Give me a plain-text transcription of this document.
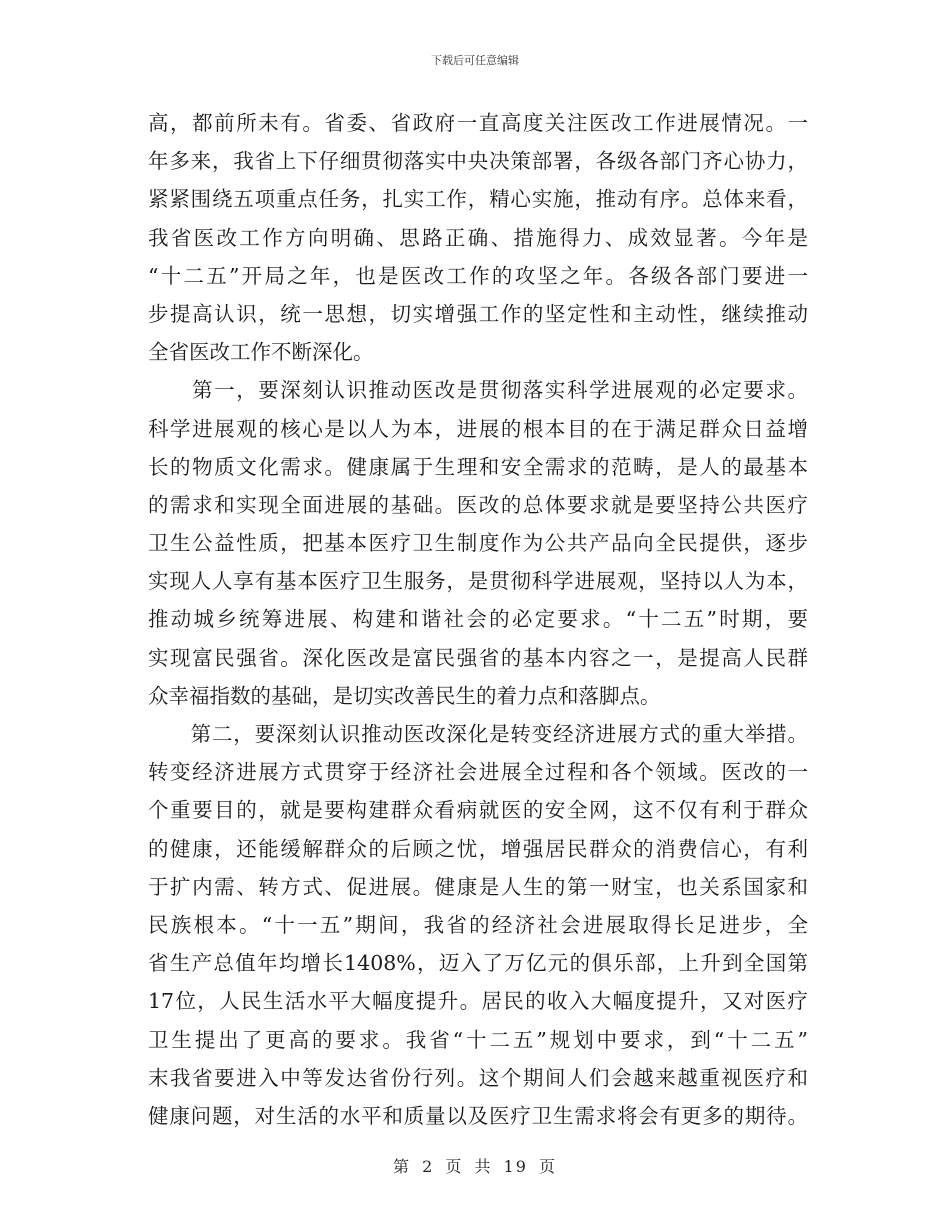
下载后可任意编辑
高，都前所未有。省委、省政府一直高度关注医改工作进展情况。一
年多来，我省上下仔细贯彻落实中央决策部署，各级各部门齐心协力，
紧紧围绕五项重点任务，扎实工作，精心实施，推动有序。总体来看，
我省医改工作方向明确、思路正确、措施得力、成效显著。今年是
“十二五”开局之年，也是医改工作的攻坚之年。各级各部门要进一
步提高认识，统一思想，切实增强工作的坚定性和主动性，继续推动
全省医改工作不断深化。
　　第一，要深刻认识推动医改是贯彻落实科学进展观的必定要求。
科学进展观的核心是以人为本，进展的根本目的在于满足群众日益增
长的物质文化需求。健康属于生理和安全需求的范畴，是人的最基本
的需求和实现全面进展的基础。医改的总体要求就是要坚持公共医疗
卫生公益性质，把基本医疗卫生制度作为公共产品向全民提供，逐步
实现人人享有基本医疗卫生服务，是贯彻科学进展观，坚持以人为本，
推动城乡统筹进展、构建和谐社会的必定要求。“十二五”时期，要
实现富民强省。深化医改是富民强省的基本内容之一，是提高人民群
众幸福指数的基础，是切实改善民生的着力点和落脚点。
　　第二，要深刻认识推动医改深化是转变经济进展方式的重大举措。
转变经济进展方式贯穿于经济社会进展全过程和各个领域。医改的一
个重要目的，就是要构建群众看病就医的安全网，这不仅有利于群众
的健康，还能缓解群众的后顾之忧，增强居民群众的消费信心，有利
于扩内需、转方式、促进展。健康是人生的第一财宝，也关系国家和
民族根本。“十一五”期间，我省的经济社会进展取得长足进步，全
省生产总值年均增长1408%，迈入了万亿元的俱乐部，上升到全国第
17位，人民生活水平大幅度提升。居民的收入大幅度提升，又对医疗
卫生提出了更高的要求。我省“十二五”规划中要求，到“十二五”
末我省要进入中等发达省份行列。这个期间人们会越来越重视医疗和
健康问题，对生活的水平和质量以及医疗卫生需求将会有更多的期待。
第 2 页 共 19 页
